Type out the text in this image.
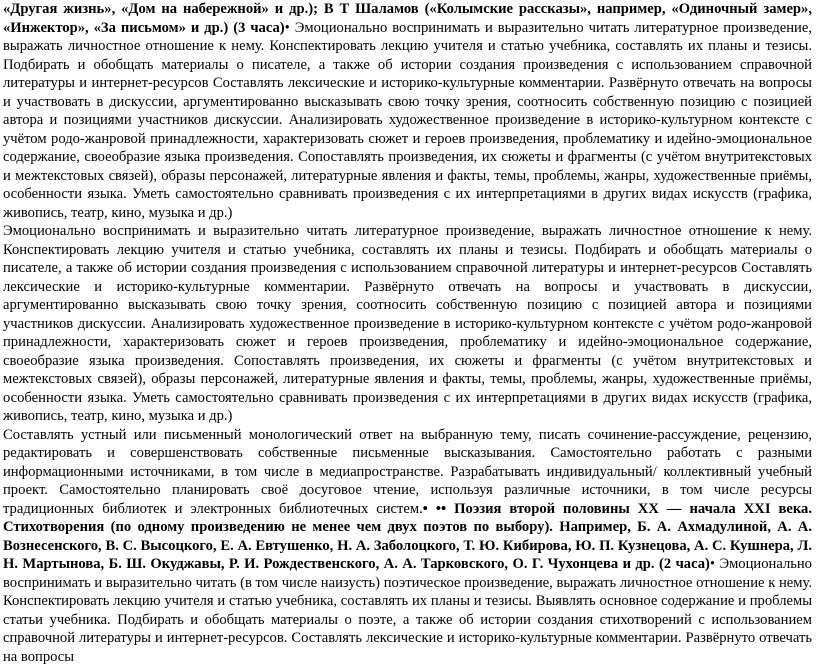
«Другая жизнь», «Дом на набережной» и др.); В Т Шаламов («Колымские рассказы», например, «Одиночный замер», «Инжектор», «За письмом» и др.) (3 часа)• Эмоционально воспринимать и выразительно читать литературное произведение, выражать личностное отношение к нему. Конспектировать лекцию учителя и статью учебника, составлять их планы и тезисы. Подбирать и обобщать материалы о писателе, а также об истории создания произведения с использованием справочной литературы и интернет-ресурсов Составлять лексические и историко-культурные комментарии. Развёрнуто отвечать на вопросы и участвовать в дискуссии, аргументированно высказывать свою точку зрения, соотносить собственную позицию с позицией автора и позициями участников дискуссии. Анализировать художественное произведение в историко-культурном контексте с учётом родо-жанровой принадлежности, характеризовать сюжет и героев произведения, проблематику и идейно-эмоциональное содержание, своеобразие языка произведения. Сопоставлять произведения, их сюжеты и фрагменты (с учётом внутритекстовых и межтекстовых связей), образы персонажей, литературные явления и факты, темы, проблемы, жанры, художественные приёмы, особенности языка. Уметь самостоятельно сравнивать произведения с их интерпретациями в других видах искусств (графика, живопись, театр, кино, музыка и др.)

Эмоционально воспринимать и выразительно читать литературное произведение, выражать личностное отношение к нему. Конспектировать лекцию учителя и статью учебника, составлять их планы и тезисы. Подбирать и обобщать материалы о писателе, а также об истории создания произведения с использованием справочной литературы и интернет-ресурсов Составлять лексические и историко-культурные комментарии. Развёрнуто отвечать на вопросы и участвовать в дискуссии, аргументированно высказывать свою точку зрения, соотносить собственную позицию с позицией автора и позициями участников дискуссии. Анализировать художественное произведение в историко-культурном контексте с учётом родо-жанровой принадлежности, характеризовать сюжет и героев произведения, проблематику и идейно-эмоциональное содержание, своеобразие языка произведения. Сопоставлять произведения, их сюжеты и фрагменты (с учётом внутритекстовых и межтекстовых связей), образы персонажей, литературные явления и факты, темы, проблемы, жанры, художественные приёмы, особенности языка. Уметь самостоятельно сравнивать произведения с их интерпретациями в других видах искусств (графика, живопись, театр, кино, музыка и др.)

Составлять устный или письменный монологический ответ на выбранную тему, писать сочинение-рассуждение, рецензию, редактировать и совершенствовать собственные письменные высказывания. Самостоятельно работать с разными информационными источниками, в том числе в медиапространстве. Разрабатывать индивидуальный/ коллективный учебный проект. Самостоятельно планировать своё досуговое чтение, используя различные источники, в том числе ресурсы традиционных библиотек и электронных библиотечных систем.• •• Поэзия второй половины XX — начала XXI века. Стихотворения (по одному произведению не менее чем двух поэтов по выбору). Например, Б. А. Ахмадулиной, А. А. Вознесенского, В. С. Высоцкого, Е. А. Евтушенко, Н. А. Заболоцкого, Т. Ю. Кибирова, Ю. П. Кузнецова, А. С. Кушнера, Л. Н. Мартынова, Б. Ш. Окуджавы, Р. И. Рождественского, А. А. Тарковского, О. Г. Чухонцева и др. (2 часа)• Эмоционально воспринимать и выразительно читать (в том числе наизусть) поэтическое произведение, выражать личностное отношение к нему. Конспектировать лекцию учителя и статью учебника, составлять их планы и тезисы. Выявлять основное содержание и проблемы статьи учебника. Подбирать и обобщать материалы о поэте, а также об истории создания стихотворений с использованием справочной литературы и интернет-ресурсов. Составлять лексические и историко-культурные комментарии. Развёрнуто отвечать на вопросы
